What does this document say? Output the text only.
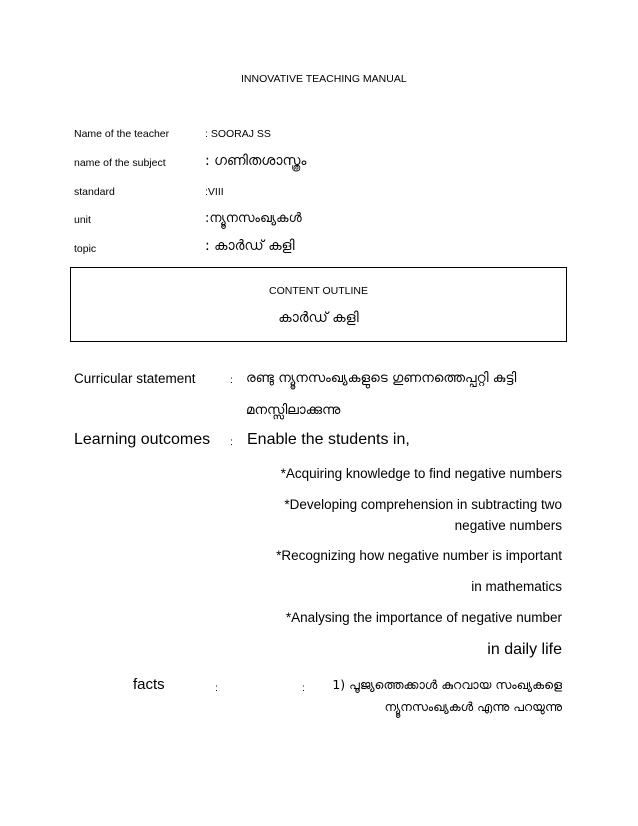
INNOVATIVE TEACHING MANUAL
Name of the teacher	: SOORAJ SS
name of the subject	: ഗണിതശാസ്ത്രം
standard	:VIII
unit	:ന്യൂനസംഖ്യകൾ
topic	: കാർഡ് കളി
CONTENT OUTLINE
കാർഡ് കളി
Curricular statement	: രണ്ടു ന്യൂനസംഖ്യകളുടെ ഗുണനത്തെപ്പറ്റി കുട്ടി
മനസ്സിലാക്കുന്നു
Learning outcomes : Enable the students in,
*Acquiring knowledge to find negative numbers
*Developing comprehension in subtracting two
negative numbers
*Recognizing how negative number is important
in mathematics
*Analysing the importance of negative number
in daily life
facts	:	: 1) പൂജ്യത്തെക്കാൾ കുറവായ സംഖ്യകളെ
ന്യൂനസംഖ്യകൾ എന്നു പറയുന്നു
